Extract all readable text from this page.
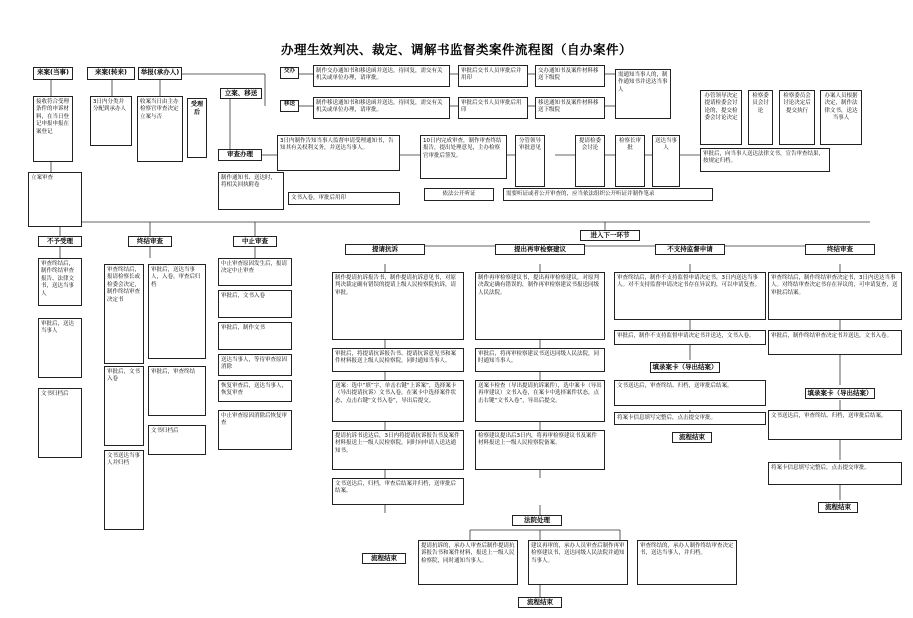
办理生效判决、裁定、调解书监督类案件流程图（自办案件）
来案(当事)	来案(转来)	举报(承办人)
接收符合受理条件的申诉材料，在当日登记申报申报在案登记
3日内分类并分配到承办人
收案当日由主办检察官审查决定立案与否
立案审查
受理后
立案、移送
审查办理
交办
移送
制作交办通知书和移送函并送达，待回复，需交有关机关或单位办理，请审批。
审批后交书人员审批后并用印
交办通知书及案件材料移送下级院
制作移送通知书和移送函并送达，待回复，需交有关机关或单位办理，请审批。
审批后交书人员审批后用印
移送通知书及案件材料移送下级院
需通知当事人的，制作通知书并送达当事人
办管领导决定提请检委会讨论的，提交检委会讨论决定
检察委员会讨论
检察委员会讨论决定后提交执行
办案人员根据决定，制作法律文书，送达当事人
审批后，向当事人送达法律文书，宣告审查结果，按规定归档。
3日内制作告知当事人监督申请受理通知书，告知其有关权利义务，并送达当事人。
制作通知书、送达时，将相关回执附卷
文书入卷，审批后用印
10日内完成审查，制作审查终结报告，提出处理意见，主办检察官审批后签发。
分管领导审批意见
提请检委会讨论
检察长审批
送达当事人
依法公开听证	需要听证或者公开审查的，应当依法组织公开听证并制作笔录
不予受理	终结审查	中止审查
进入下一环节
提请抗诉	提出再审检察建议	不支持监督申请	终结审查
审查终结后，制作终结审查报告、法律文书，送达当事人
审批后，送达当事人
文书归档后
审查终结后，报请检察长或检委会决定，制作终结审查决定书
审批后，送达当事人，入卷，审查后归档
审批后，文书入卷
审批后，审查终结
文书送达当事人并归档
文书归档后
中止审查原因发生后，报请决定中止审查
审批后，文书入卷
审批后，制作文书
送达当事人，等待审查原因消除
恢复审查后，送达当事人，恢复审查
中止审查原因消除后恢复审查
制作提请抗诉报告书，制作提请抗诉意见书，对原判决裁定确有错误的提请上级人民检察院抗诉，请审批。
审批后，将提请抗诉报告书、提请抗诉意见书和案件材料报送上级人民检察院，同时通知当事人。
送案：选中“填”字，单击右键“上诉案”，选择案卡（导出提请抗诉）文书入卷，在案卡中选择案件状态，点击右键“文书入卷”，导出后提交。
提请抗诉书送达后，3日内将提请抗诉报告书及案件材料报送上一级人民检察院，同时向申请人送达通知书。
文书送达后，归档，审查后结案并归档，送审批后结案。
流程结束
制作再审检察建议书，提出再审检察建议，对原判决裁定确有错误的，制作再审检察建议书报送同级人民法院。
审批后，将再审检察建议书送达同级人民法院，同时通知当事人。
送案卡检查（导出提请抗诉案件），选中案卡（导出再审建议）文书入卷，在案卡中选择案件状态，点击右键“文书入卷”，导出后提交。
检察建议提出后3日内，将再审检察建议书及案件材料报送上一级人民检察院备案。
法院处理
审查终结后，制作不支持监督申请决定书，3日内送达当事人。对不支持监督申请决定书存在异议的，可以申请复查。
审批后，制作不支持监督申请决定书并送达，文书入卷。
填录案卡（导出结案）
文书送达后，审查终结、归档，送审批后结案。
将案卡信息填写完整后，点击提交审批。
流程结束
审查终结后，制作终结审查决定书，3日内送达当事人。对终结审查决定书存在异议的，可申请复查，送审批后结案。
审批后，制作终结审查决定书并送达，文书入卷。
填录案卡（导出结案）
文书送达后，审查终结、归档，送审批后结案。
将案卡信息填写完整后，点击提交审批。
流程结束
提请抗诉的，承办人审查后制作提请抗诉报告书和案件材料，报送上一级人民检察院，同时通知当事人。
建议再审的，承办人员审查后制作再审检察建议书，送达同级人民法院并通知当事人。
审查终结的，承办人制作终结审查决定书，送达当事人，并归档。
流程结束
